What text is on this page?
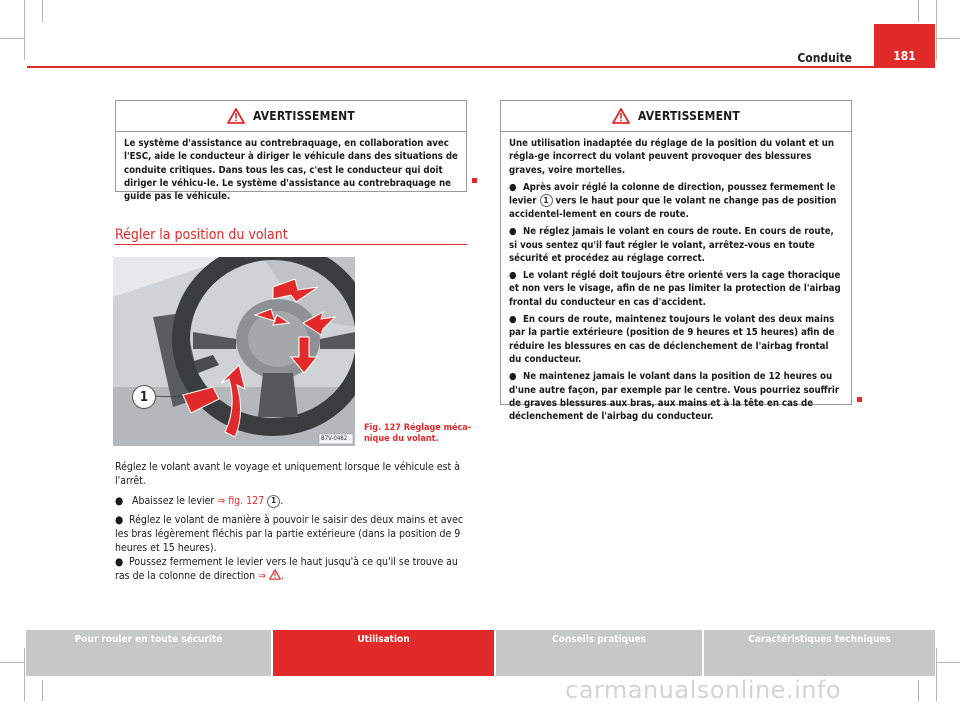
Conduite	181
AVERTISSEMENT

Le système d'assistance au contrebraquage, en collaboration avec l'ESC, aide le conducteur à diriger le véhicule dans des situations de conduite critiques. Dans tous les cas, c'est le conducteur qui doit diriger le véhicu-le. Le système d'assistance au contrebraquage ne guide pas le véhicule.

Régler la position du volant
1
B7V-0482
Fig. 127 Réglage méca-
nique du volant.
Réglez le volant avant le voyage et uniquement lorsque le véhicule est à l'arrêt.
● Abaissez le levier ⇒ fig. 127 1 .
● Réglez le volant de manière à pouvoir le saisir des deux mains et avec les bras légèrement fléchis par la partie extérieure (dans la position de 9 heures et 15 heures).
● Poussez fermement le levier vers le haut jusqu'à ce qu'il se trouve au ras de la colonne de direction ⇒ .
AVERTISSEMENT

Une utilisation inadaptée du réglage de la position du volant et un régla-ge incorrect du volant peuvent provoquer des blessures graves, voire mortelles.

● Après avoir réglé la colonne de direction, poussez fermement le levier 1 vers le haut pour que le volant ne change pas de position accidentel-lement en cours de route.

● Ne réglez jamais le volant en cours de route. En cours de route, si vous sentez qu'il faut régler le volant, arrêtez-vous en toute sécurité et procédez au réglage correct.

● Le volant réglé doit toujours être orienté vers la cage thoracique et non vers le visage, afin de ne pas limiter la protection de l'airbag frontal du conducteur en cas d'accident.

● En cours de route, maintenez toujours le volant des deux mains par la partie extérieure (position de 9 heures et 15 heures) afin de réduire les blessures en cas de déclenchement de l'airbag frontal du conducteur.

● Ne maintenez jamais le volant dans la position de 12 heures ou d'une autre façon, par exemple par le centre. Vous pourriez souffrir de graves blessures aux bras, aux mains et à la tête en cas de déclenchement de l'airbag du conducteur.

Pour rouler en toute sécurité	Utilisation	Conseils pratiques	Caractéristiques techniques
carmanualsonline.info
